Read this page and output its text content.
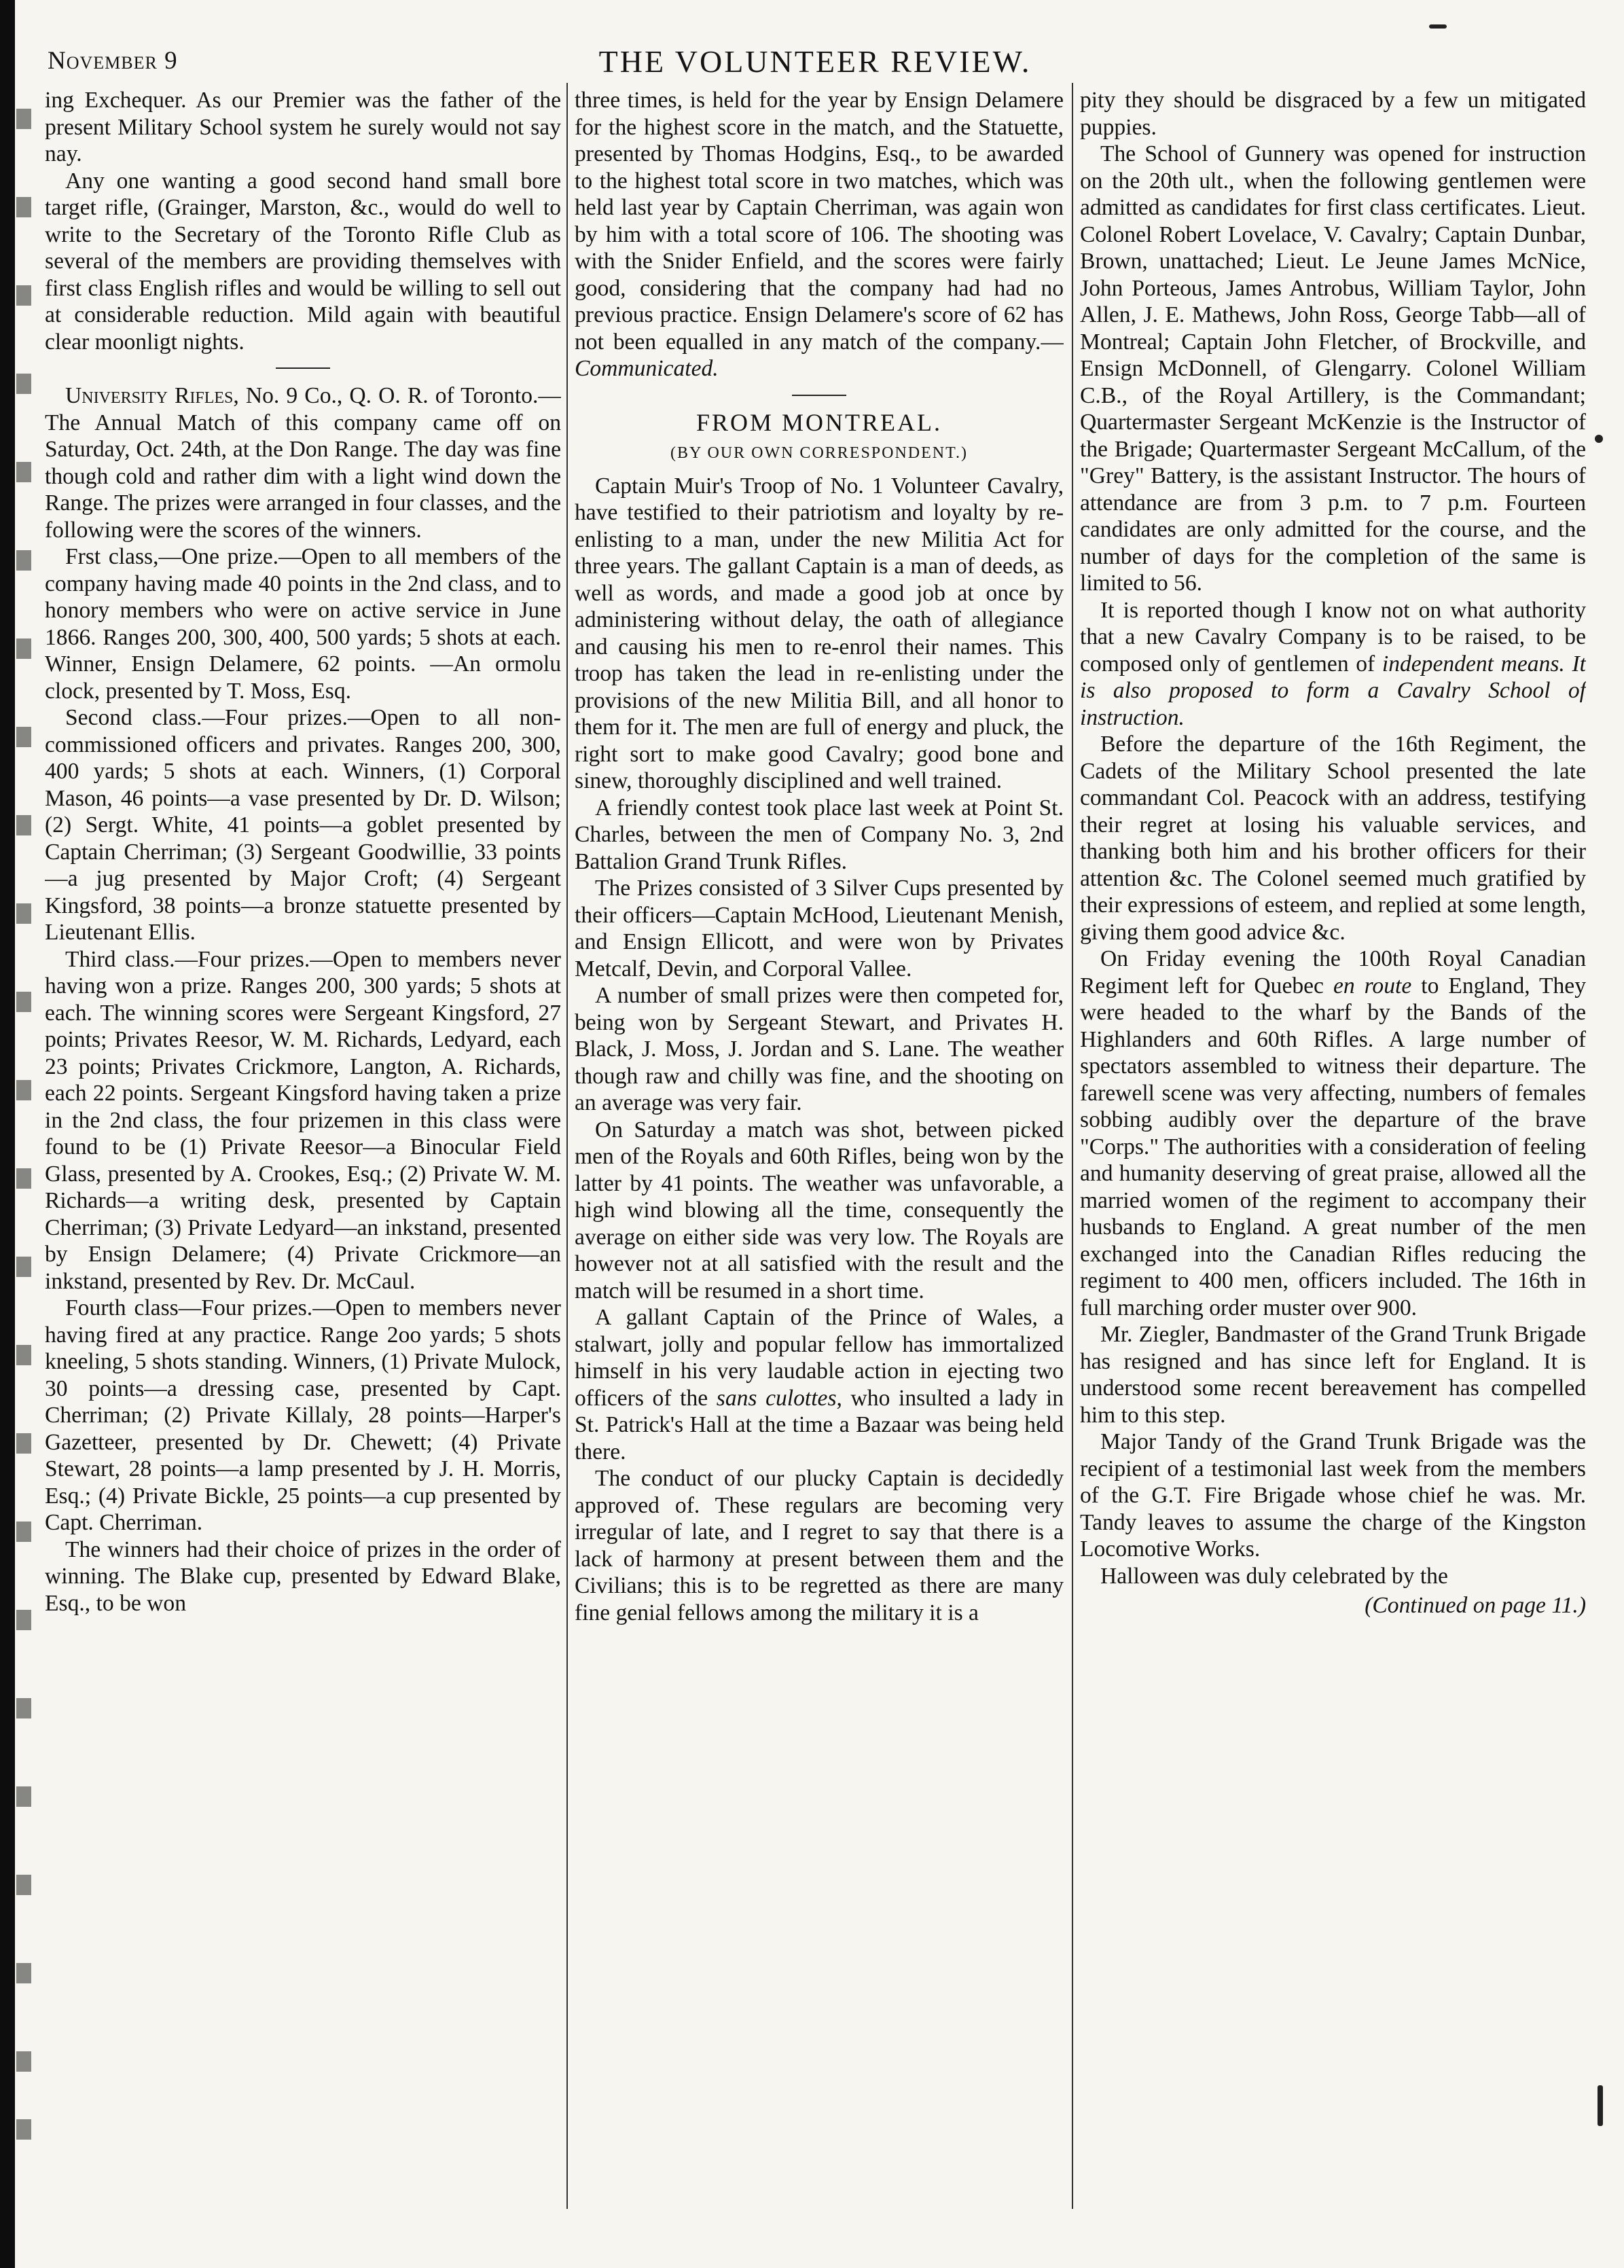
November 9	THE VOLUNTEER REVIEW.

ing Exchequer. As our Premier was the father of the present Military School system he surely would not say nay.

Any one wanting a good second hand small bore target rifle, (Grainger, Marston, &c., would do well to write to the Secretary of the Toronto Rifle Club as several of the members are providing themselves with first class English rifles and would be willing to sell out at considerable reduction. Mild again with beautiful clear moonligt nights.

University Rifles, No. 9 Co., Q. O. R. of Toronto.—The Annual Match of this company came off on Saturday, Oct. 24th, at the Don Range. The day was fine though cold and rather dim with a light wind down the Range. The prizes were arranged in four classes, and the following were the scores of the winners.

Frst class,—One prize.—Open to all members of the company having made 40 points in the 2nd class, and to honory members who were on active service in June 1866. Ranges 200, 300, 400, 500 yards; 5 shots at each. Winner, Ensign Delamere, 62 points. —An ormolu clock, presented by T. Moss, Esq.

Second class.—Four prizes.—Open to all non-commissioned officers and privates. Ranges 200, 300, 400 yards; 5 shots at each. Winners, (1) Corporal Mason, 46 points—a vase presented by Dr. D. Wilson; (2) Sergt. White, 41 points—a goblet presented by Captain Cherriman; (3) Sergeant Goodwillie, 33 points—a jug presented by Major Croft; (4) Sergeant Kingsford, 38 points—a bronze statuette presented by Lieutenant Ellis.

Third class.—Four prizes.—Open to members never having won a prize. Ranges 200, 300 yards; 5 shots at each. The winning scores were Sergeant Kingsford, 27 points; Privates Reesor, W. M. Richards, Ledyard, each 23 points; Privates Crickmore, Langton, A. Richards, each 22 points. Sergeant Kingsford having taken a prize in the 2nd class, the four prizemen in this class were found to be (1) Private Reesor—a Binocular Field Glass, presented by A. Crookes, Esq.; (2) Private W. M. Richards—a writing desk, presented by Captain Cherriman; (3) Private Ledyard—an inkstand, presented by Ensign Delamere; (4) Private Crickmore—an inkstand, presented by Rev. Dr. McCaul.

Fourth class—Four prizes.—Open to members never having fired at any practice. Range 2oo yards; 5 shots kneeling, 5 shots standing. Winners, (1) Private Mulock, 30 points—a dressing case, presented by Capt. Cherriman; (2) Private Killaly, 28 points—Harper's Gazetteer, presented by Dr. Chewett; (4) Private Stewart, 28 points—a lamp presented by J. H. Morris, Esq.; (4) Private Bickle, 25 points—a cup presented by Capt. Cherriman.

The winners had their choice of prizes in the order of winning. The Blake cup, presented by Edward Blake, Esq., to be won

three times, is held for the year by Ensign Delamere for the highest score in the match, and the Statuette, presented by Thomas Hodgins, Esq., to be awarded to the highest total score in two matches, which was held last year by Captain Cherriman, was again won by him with a total score of 106. The shooting was with the Snider Enfield, and the scores were fairly good, considering that the company had had no previous practice. Ensign Delamere's score of 62 has not been equalled in any match of the company.—Communicated.

FROM MONTREAL.
(BY OUR OWN CORRESPONDENT.)

Captain Muir's Troop of No. 1 Volunteer Cavalry, have testified to their patriotism and loyalty by re-enlisting to a man, under the new Militia Act for three years. The gallant Captain is a man of deeds, as well as words, and made a good job at once by administering without delay, the oath of allegiance and causing his men to re-enrol their names. This troop has taken the lead in re-enlisting under the provisions of the new Militia Bill, and all honor to them for it. The men are full of energy and pluck, the right sort to make good Cavalry; good bone and sinew, thoroughly disciplined and well trained.

A friendly contest took place last week at Point St. Charles, between the men of Company No. 3, 2nd Battalion Grand Trunk Rifles.

The Prizes consisted of 3 Silver Cups presented by their officers—Captain McHood, Lieutenant Menish, and Ensign Ellicott, and were won by Privates Metcalf, Devin, and Corporal Vallee.

A number of small prizes were then competed for, being won by Sergeant Stewart, and Privates H. Black, J. Moss, J. Jordan and S. Lane. The weather though raw and chilly was fine, and the shooting on an average was very fair.

On Saturday a match was shot, between picked men of the Royals and 60th Rifles, being won by the latter by 41 points. The weather was unfavorable, a high wind blowing all the time, consequently the average on either side was very low. The Royals are however not at all satisfied with the result and the match will be resumed in a short time.

A gallant Captain of the Prince of Wales, a stalwart, jolly and popular fellow has immortalized himself in his very laudable action in ejecting two officers of the sans culottes, who insulted a lady in St. Patrick's Hall at the time a Bazaar was being held there.

The conduct of our plucky Captain is decidedly approved of. These regulars are becoming very irregular of late, and I regret to say that there is a lack of harmony at present between them and the Civilians; this is to be regretted as there are many fine genial fellows among the military it is a

pity they should be disgraced by a few un mitigated puppies.

The School of Gunnery was opened for instruction on the 20th ult., when the following gentlemen were admitted as candidates for first class certificates. Lieut. Colonel Robert Lovelace, V. Cavalry; Captain Dunbar, Brown, unattached; Lieut. Le Jeune James McNice, John Porteous, James Antrobus, William Taylor, John Allen, J. E. Mathews, John Ross, George Tabb—all of Montreal; Captain John Fletcher, of Brockville, and Ensign McDonnell, of Glengarry. Colonel William C.B., of the Royal Artillery, is the Commandant; Quartermaster Sergeant McKenzie is the Instructor of the Brigade; Quartermaster Sergeant McCallum, of the "Grey" Battery, is the assistant Instructor. The hours of attendance are from 3 p.m. to 7 p.m. Fourteen candidates are only admitted for the course, and the number of days for the completion of the same is limited to 56.

It is reported though I know not on what authority that a new Cavalry Company is to be raised, to be composed only of gentlemen of independent means. It is also proposed to form a Cavalry School of instruction.

Before the departure of the 16th Regiment, the Cadets of the Military School presented the late commandant Col. Peacock with an address, testifying their regret at losing his valuable services, and thanking both him and his brother officers for their attention &c. The Colonel seemed much gratified by their expressions of esteem, and replied at some length, giving them good advice &c.

On Friday evening the 100th Royal Canadian Regiment left for Quebec en route to England, They were headed to the wharf by the Bands of the Highlanders and 60th Rifles. A large number of spectators assembled to witness their departure. The farewell scene was very affecting, numbers of females sobbing audibly over the departure of the brave "Corps." The authorities with a consideration of feeling and humanity deserving of great praise, allowed all the married women of the regiment to accompany their husbands to England. A great number of the men exchanged into the Canadian Rifles reducing the regiment to 400 men, officers included. The 16th in full marching order muster over 900.

Mr. Ziegler, Bandmaster of the Grand Trunk Brigade has resigned and has since left for England. It is understood some recent bereavement has compelled him to this step.

Major Tandy of the Grand Trunk Brigade was the recipient of a testimonial last week from the members of the G.T. Fire Brigade whose chief he was. Mr. Tandy leaves to assume the charge of the Kingston Locomotive Works.

Halloween was duly celebrated by the

(Continued on page 11.)
